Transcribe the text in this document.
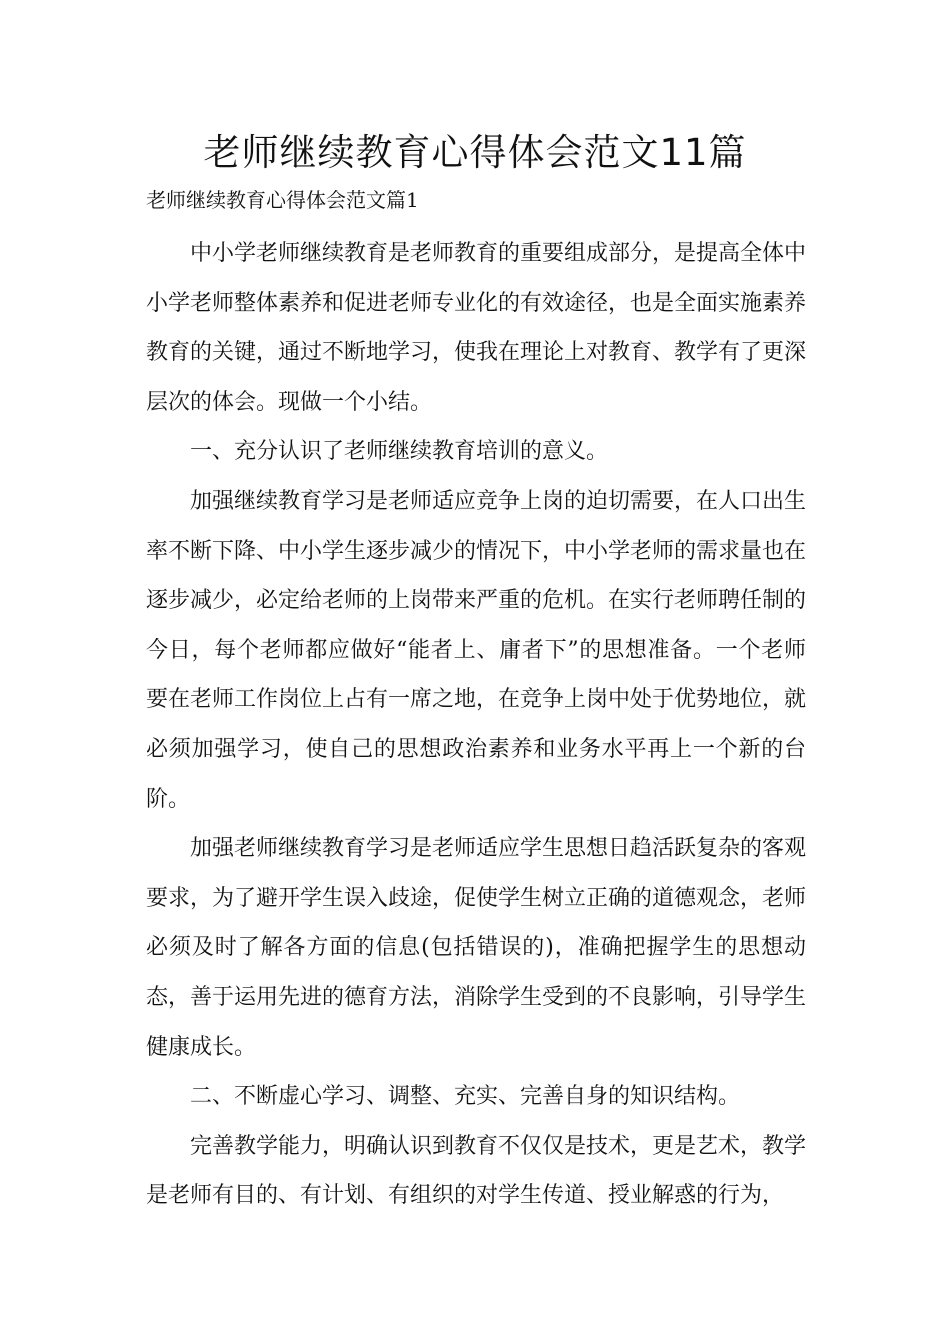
老师继续教育心得体会范文11篇

老师继续教育心得体会范文篇1

中小学老师继续教育是老师教育的重要组成部分，是提高全体中小学老师整体素养和促进老师专业化的有效途径，也是全面实施素养教育的关键，通过不断地学习，使我在理论上对教育、教学有了更深层次的体会。现做一个小结。

一、充分认识了老师继续教育培训的意义。

加强继续教育学习是老师适应竞争上岗的迫切需要，在人口出生率不断下降、中小学生逐步减少的情况下，中小学老师的需求量也在逐步减少，必定给老师的上岗带来严重的危机。在实行老师聘任制的今日，每个老师都应做好“能者上、庸者下”的思想准备。一个老师要在老师工作岗位上占有一席之地，在竞争上岗中处于优势地位，就必须加强学习，使自己的思想政治素养和业务水平再上一个新的台阶。

加强老师继续教育学习是老师适应学生思想日趋活跃复杂的客观要求，为了避开学生误入歧途，促使学生树立正确的道德观念，老师必须及时了解各方面的信息(包括错误的)，准确把握学生的思想动态，善于运用先进的德育方法，消除学生受到的不良影响，引导学生健康成长。

二、不断虚心学习、调整、充实、完善自身的知识结构。

完善教学能力，明确认识到教育不仅仅是技术，更是艺术，教学是老师有目的、有计划、有组织的对学生传道、授业解惑的行为，
